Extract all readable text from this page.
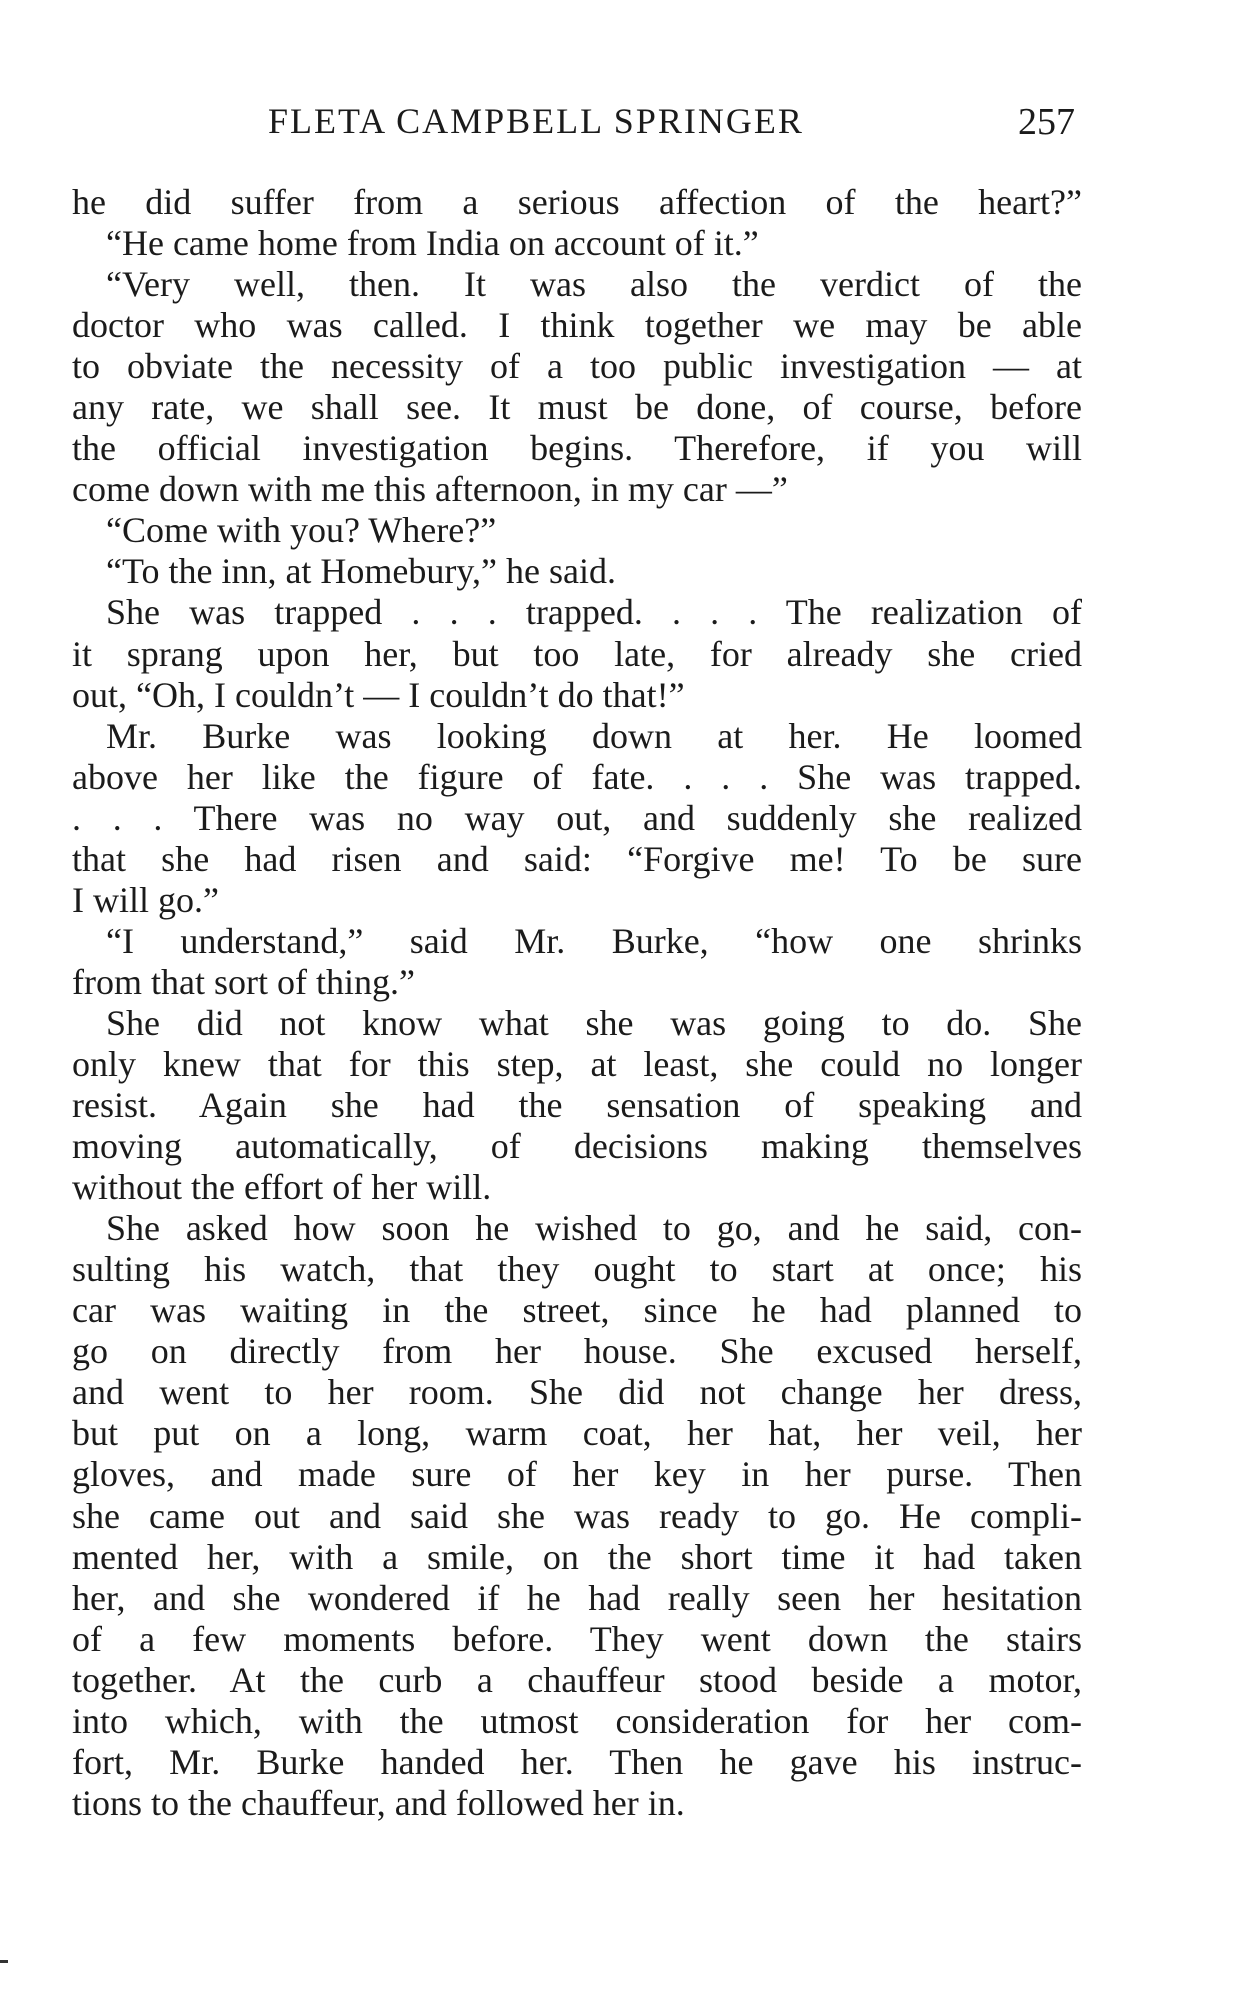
FLETA CAMPBELL SPRINGER	257
he did suffer from a serious affection of the heart?”
“He came home from India on account of it.”
“Very well, then. It was also the verdict of the
doctor who was called. I think together we may be able
to obviate the necessity of a too public investigation — at
any rate, we shall see. It must be done, of course, before
the official investigation begins. Therefore, if you will
come down with me this afternoon, in my car —”
“Come with you? Where?”
“To the inn, at Homebury,” he said.
She was trapped . . . trapped. . . . The realization of
it sprang upon her, but too late, for already she cried
out, “Oh, I couldn’t — I couldn’t do that!”
Mr. Burke was looking down at her. He loomed
above her like the figure of fate. . . . She was trapped.
. . . There was no way out, and suddenly she realized
that she had risen and said: “Forgive me! To be sure
I will go.”
“I understand,” said Mr. Burke, “how one shrinks
from that sort of thing.”
She did not know what she was going to do. She
only knew that for this step, at least, she could no longer
resist. Again she had the sensation of speaking and
moving automatically, of decisions making themselves
without the effort of her will.
She asked how soon he wished to go, and he said, con-
sulting his watch, that they ought to start at once; his
car was waiting in the street, since he had planned to
go on directly from her house. She excused herself,
and went to her room. She did not change her dress,
but put on a long, warm coat, her hat, her veil, her
gloves, and made sure of her key in her purse. Then
she came out and said she was ready to go. He compli-
mented her, with a smile, on the short time it had taken
her, and she wondered if he had really seen her hesitation
of a few moments before. They went down the stairs
together. At the curb a chauffeur stood beside a motor,
into which, with the utmost consideration for her com-
fort, Mr. Burke handed her. Then he gave his instruc-
tions to the chauffeur, and followed her in.
